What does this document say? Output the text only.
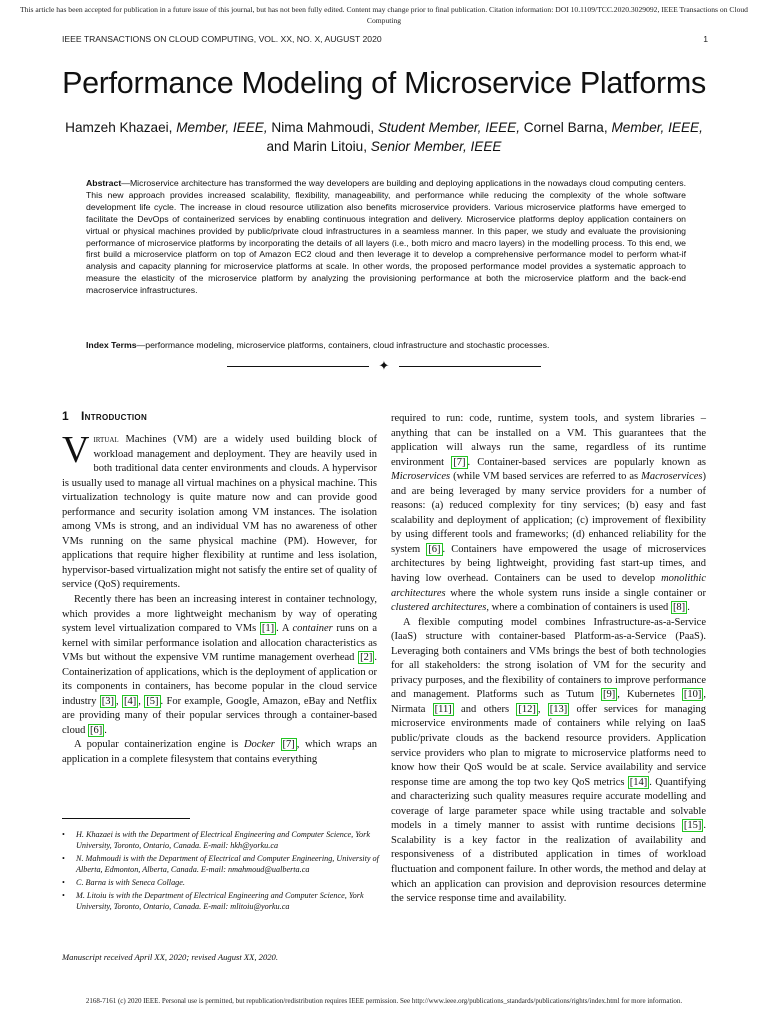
This article has been accepted for publication in a future issue of this journal, but has not been fully edited. Content may change prior to final publication. Citation information: DOI 10.1109/TCC.2020.3029092, IEEE Transactions on Cloud Computing
IEEE TRANSACTIONS ON CLOUD COMPUTING, VOL. XX, NO. X, AUGUST 2020	1
Performance Modeling of Microservice Platforms
Hamzeh Khazaei, Member, IEEE, Nima Mahmoudi, Student Member, IEEE, Cornel Barna, Member, IEEE,
and Marin Litoiu, Senior Member, IEEE
Abstract—Microservice architecture has transformed the way developers are building and deploying applications in the nowadays cloud computing centers. This new approach provides increased scalability, flexibility, manageability, and performance while reducing the complexity of the whole software development life cycle. The increase in cloud resource utilization also benefits microservice providers. Various microservice platforms have emerged to facilitate the DevOps of containerized services by enabling continuous integration and delivery. Microservice platforms deploy application containers on virtual or physical machines provided by public/private cloud infrastructures in a seamless manner. In this paper, we study and evaluate the provisioning performance of microservice platforms by incorporating the details of all layers (i.e., both micro and macro layers) in the modelling process. To this end, we first build a microservice platform on top of Amazon EC2 cloud and then leverage it to develop a comprehensive performance model to perform what-if analysis and capacity planning for microservice platforms at scale. In other words, the proposed performance model provides a systematic approach to measure the elasticity of the microservice platform by analyzing the provisioning performance at both the microservice platform and the back-end macroservice infrastructures.
Index Terms—performance modeling, microservice platforms, containers, cloud infrastructure and stochastic processes.
✦
1 Introduction

Virtual Machines (VM) are a widely used building block of workload management and deployment. They are heavily used in both traditional data center environments and clouds. A hypervisor is usually used to manage all virtual machines on a physical machine. This virtualization technology is quite mature now and can provide good performance and security isolation among VM instances. The isolation among VMs is strong, and an individual VM has no awareness of other VMs running on the same physical machine (PM). However, for applications that require higher flexibility at runtime and less isolation, hypervisor-based virtualization might not satisfy the entire set of quality of service (QoS) requirements.

Recently there has been an increasing interest in container technology, which provides a more lightweight mechanism by way of operating system level virtualization compared to VMs [1] . A container runs on a kernel with similar performance isolation and allocation characteristics as VMs but without the expensive VM runtime management overhead [2] . Containerization of applications, which is the deployment of application or its components in containers, has become popular in the cloud service industry [3] , [4] , [5] . For example, Google, Amazon, eBay and Netflix are providing many of their popular services through a container-based cloud [6] .

A popular containerization engine is Docker [7] , which wraps an application in a complete filesystem that contains everything

• H. Khazaei is with the Department of Electrical Engineering and Computer Science, York University, Toronto, Ontario, Canada. E-mail: hkh@yorku.ca
• N. Mahmoudi is with the Department of Electrical and Computer Engineering, University of Alberta, Edmonton, Alberta, Canada. E-mail: nmahmoud@ualberta.ca
• C. Barna is with Seneca Collage.
• M. Litoiu is with the Department of Electrical Engineering and Computer Science, York University, Toronto, Ontario, Canada. E-mail: mlitoiu@yorku.ca
Manuscript received April XX, 2020; revised August XX, 2020.

required to run: code, runtime, system tools, and system libraries – anything that can be installed on a VM. This guarantees that the application will always run the same, regardless of its runtime environment [7] . Container-based services are popularly known as Microservices (while VM based services are referred to as Macroservices) and are being leveraged by many service providers for a number of reasons: (a) reduced complexity for tiny services; (b) easy and fast scalability and deployment of application; (c) improvement of flexibility by using different tools and frameworks; (d) enhanced reliability for the system [6] . Containers have empowered the usage of microservices architectures by being lightweight, providing fast start-up times, and having low overhead. Containers can be used to develop monolithic architectures where the whole system runs inside a single container or clustered architectures, where a combination of containers is used [8] .

A flexible computing model combines Infrastructure-as-a-Service (IaaS) structure with container-based Platform-as-a-Service (PaaS). Leveraging both containers and VMs brings the best of both technologies for all stakeholders: the strong isolation of VM for the security and privacy purposes, and the flexibility of containers to improve performance and management. Platforms such as Tutum [9] , Kubernetes [10] , Nirmata [11] and others [12] , [13] offer services for managing microservice environments made of containers while relying on IaaS public/private clouds as the backend resource providers. Application service providers who plan to migrate to microservice platforms need to know how their QoS would be at scale. Service availability and service response time are among the top two key QoS metrics [14] . Quantifying and characterizing such quality measures require accurate modelling and coverage of large parameter space while using tractable and solvable models in a timely manner to assist with runtime decisions [15] . Scalability is a key factor in the realization of availability and responsiveness of a distributed application in times of workload fluctuation and component failure. In other words, the method and delay at which an application can provision and deprovision resources determine the service response time and availability.

2168-7161 (c) 2020 IEEE. Personal use is permitted, but republication/redistribution requires IEEE permission. See http://www.ieee.org/publications_standards/publications/rights/index.html for more information.
